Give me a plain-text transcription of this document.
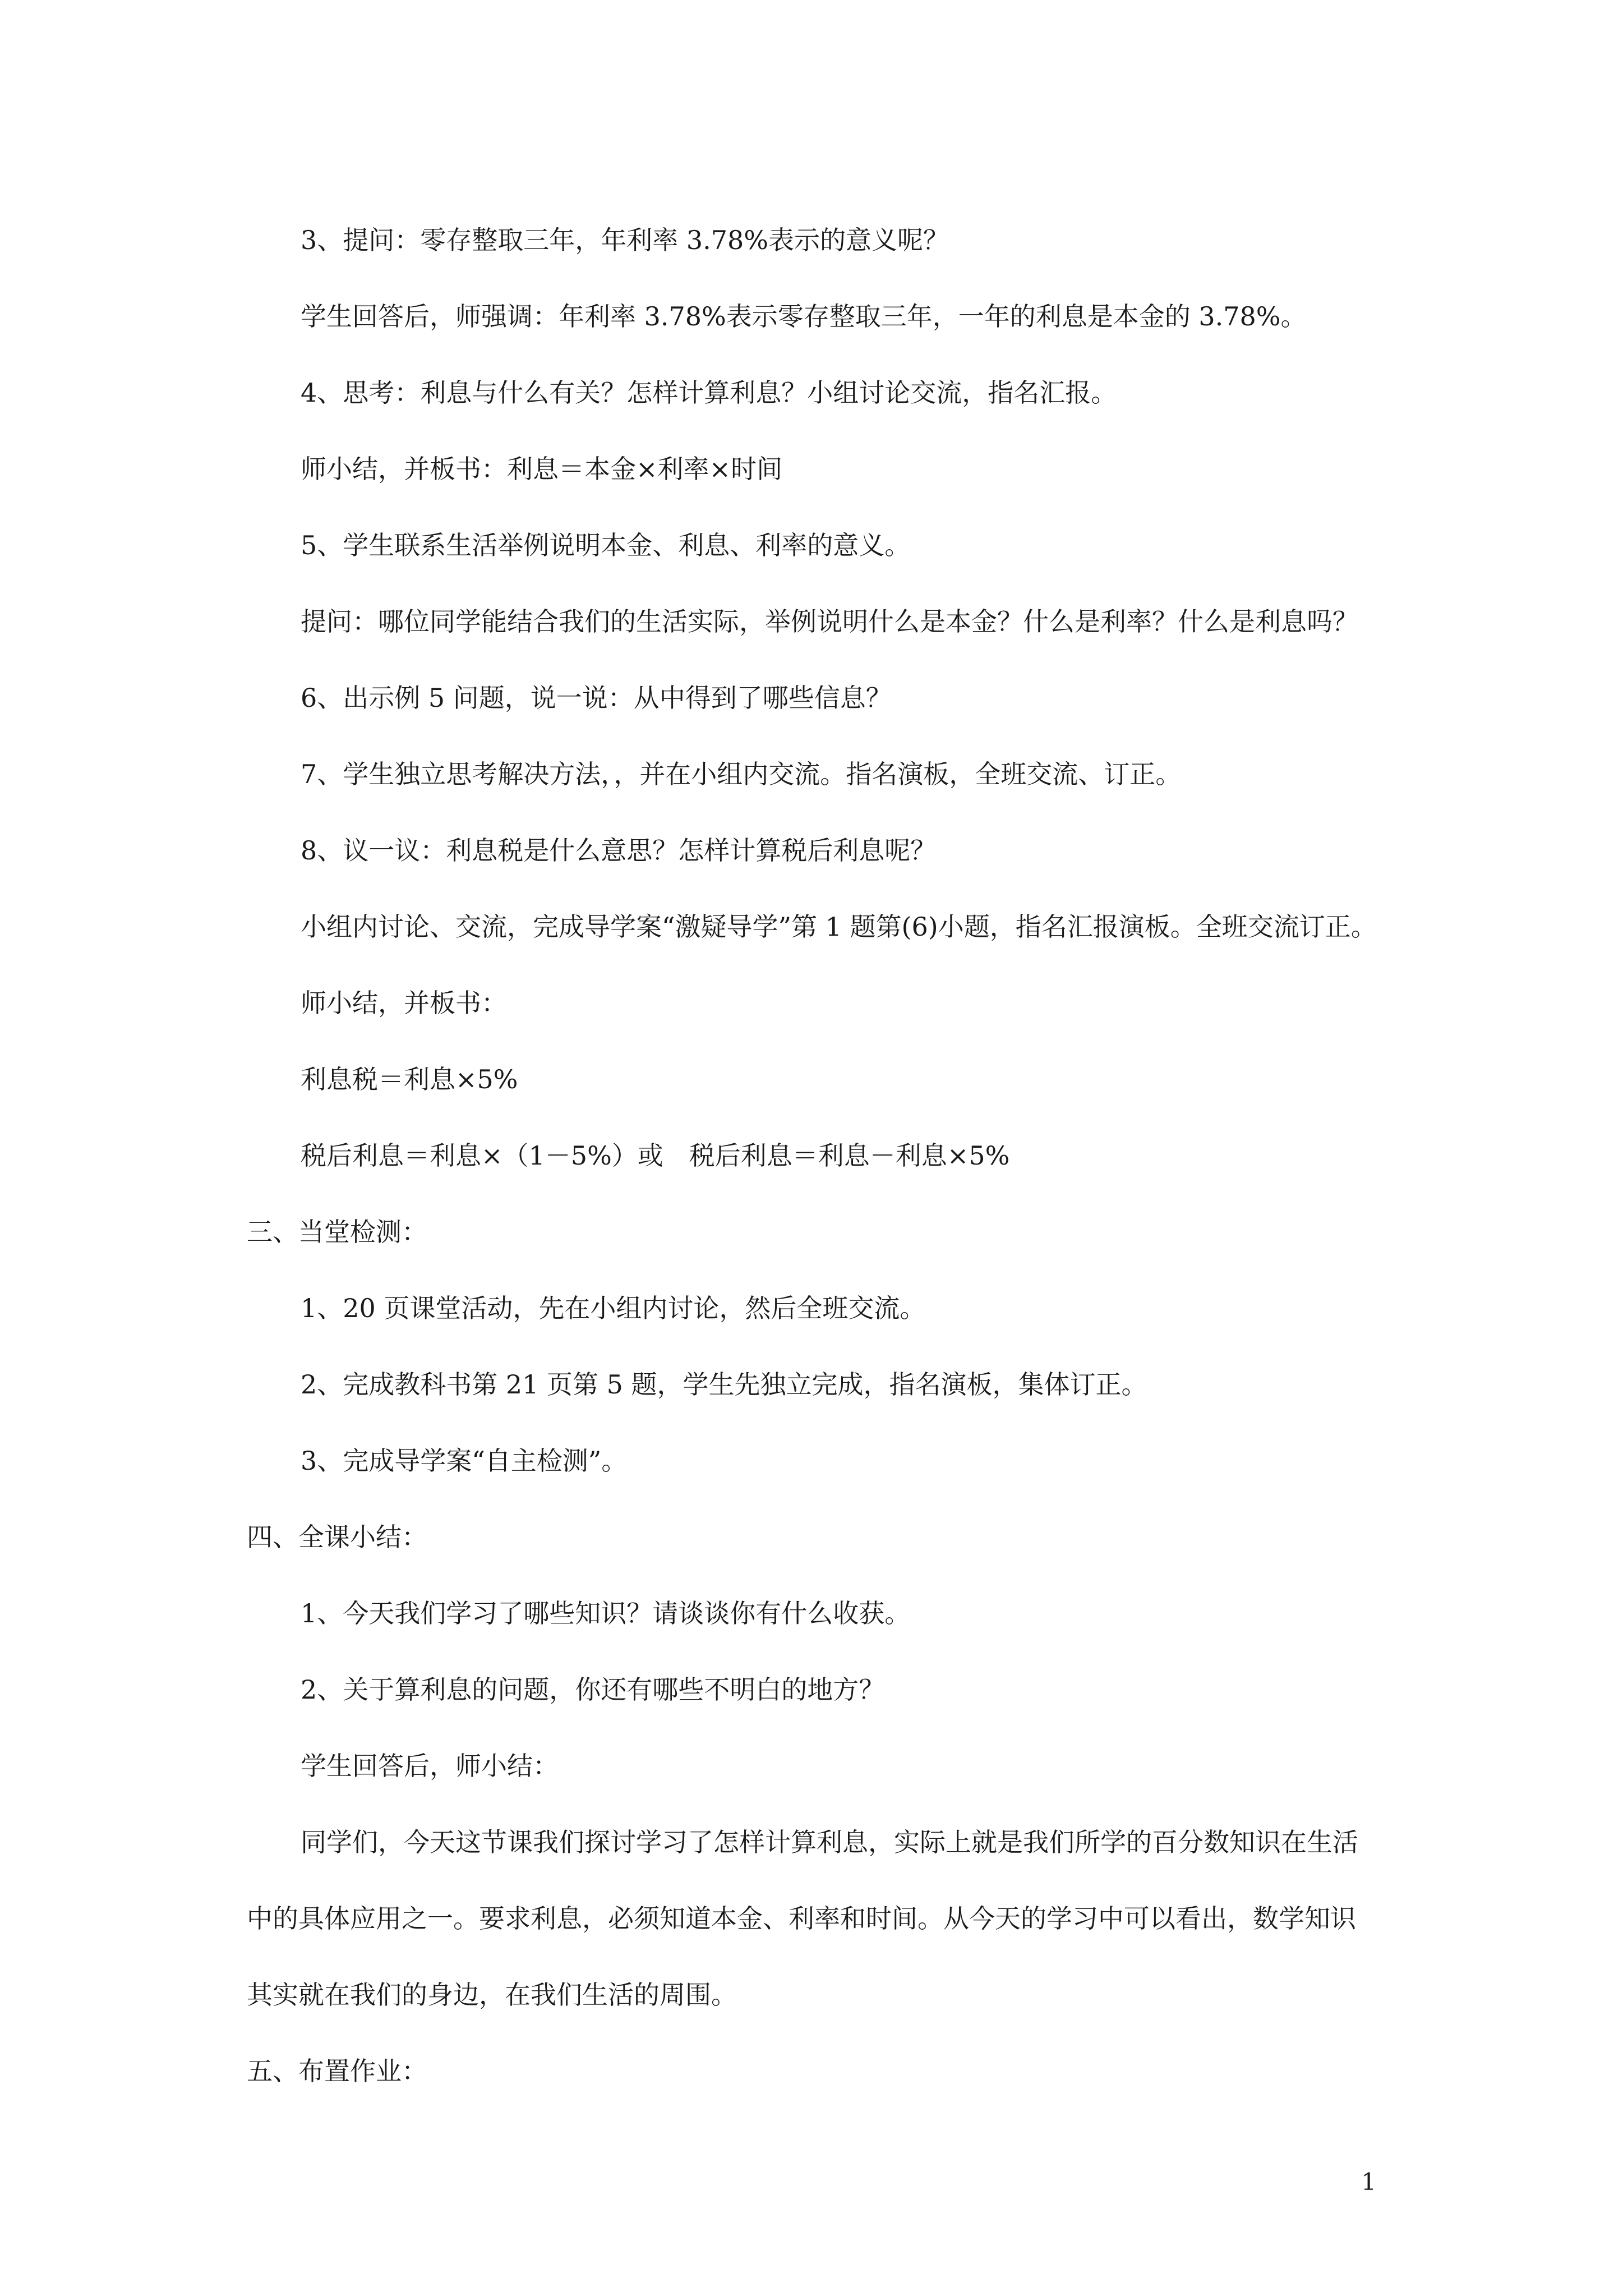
3、提问：零存整取三年，年利率 3.78%表示的意义呢？

学生回答后，师强调：年利率 3.78%表示零存整取三年，一年的利息是本金的 3.78%。

4、思考：利息与什么有关？怎样计算利息？小组讨论交流，指名汇报。

师小结，并板书：利息＝本金×利率×时间

5、学生联系生活举例说明本金、利息、利率的意义。

提问：哪位同学能结合我们的生活实际，举例说明什么是本金？什么是利率？什么是利息吗？

6、出示例 5 问题，说一说：从中得到了哪些信息？

7、学生独立思考解决方法，，并在小组内交流。指名演板，全班交流、订正。

8、议一议：利息税是什么意思？怎样计算税后利息呢？

小组内讨论、交流，完成导学案“激疑导学”第 1 题第(6)小题，指名汇报演板。全班交流订正。

师小结，并板书：

利息税＝利息×5%

税后利息＝利息×（1－5%）或　税后利息＝利息－利息×5%

三、当堂检测：

1、20 页课堂活动，先在小组内讨论，然后全班交流。

2、完成教科书第 21 页第 5 题，学生先独立完成，指名演板，集体订正。

3、完成导学案“自主检测”。

四、全课小结：

1、今天我们学习了哪些知识？请谈谈你有什么收获。

2、关于算利息的问题，你还有哪些不明白的地方？

学生回答后，师小结：

同学们，今天这节课我们探讨学习了怎样计算利息，实际上就是我们所学的百分数知识在生活中的具体应用之一。要求利息，必须知道本金、利率和时间。从今天的学习中可以看出，数学知识其实就在我们的身边，在我们生活的周围。

五、布置作业：

1
